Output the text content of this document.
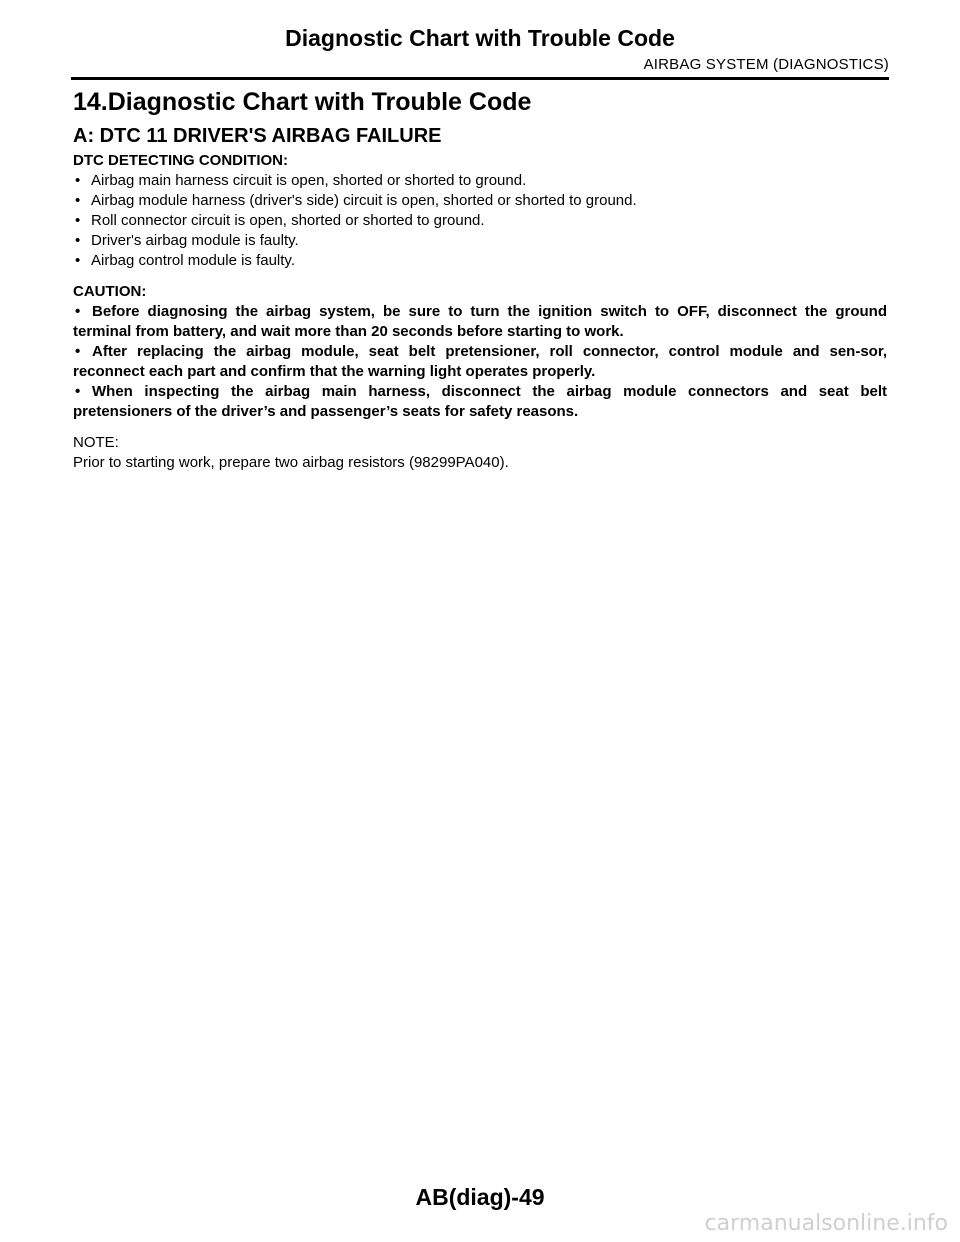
Diagnostic Chart with Trouble Code
AIRBAG SYSTEM (DIAGNOSTICS)
14.Diagnostic Chart with Trouble Code
A: DTC 11 DRIVER'S AIRBAG FAILURE

DTC DETECTING CONDITION:

• Airbag main harness circuit is open, shorted or shorted to ground.
• Airbag module harness (driver's side) circuit is open, shorted or shorted to ground.
• Roll connector circuit is open, shorted or shorted to ground.
• Driver's airbag module is faulty.
• Airbag control module is faulty.

CAUTION:

• Before diagnosing the airbag system, be sure to turn the ignition switch to OFF, disconnect the ground terminal from battery, and wait more than 20 seconds before starting to work.
• After replacing the airbag module, seat belt pretensioner, roll connector, control module and sen-sor, reconnect each part and confirm that the warning light operates properly.
• When inspecting the airbag main harness, disconnect the airbag module connectors and seat belt pretensioners of the driver’s and passenger’s seats for safety reasons.

NOTE:

Prior to starting work, prepare two airbag resistors (98299PA040).

AB(diag)-49
carmanualsonline.info
